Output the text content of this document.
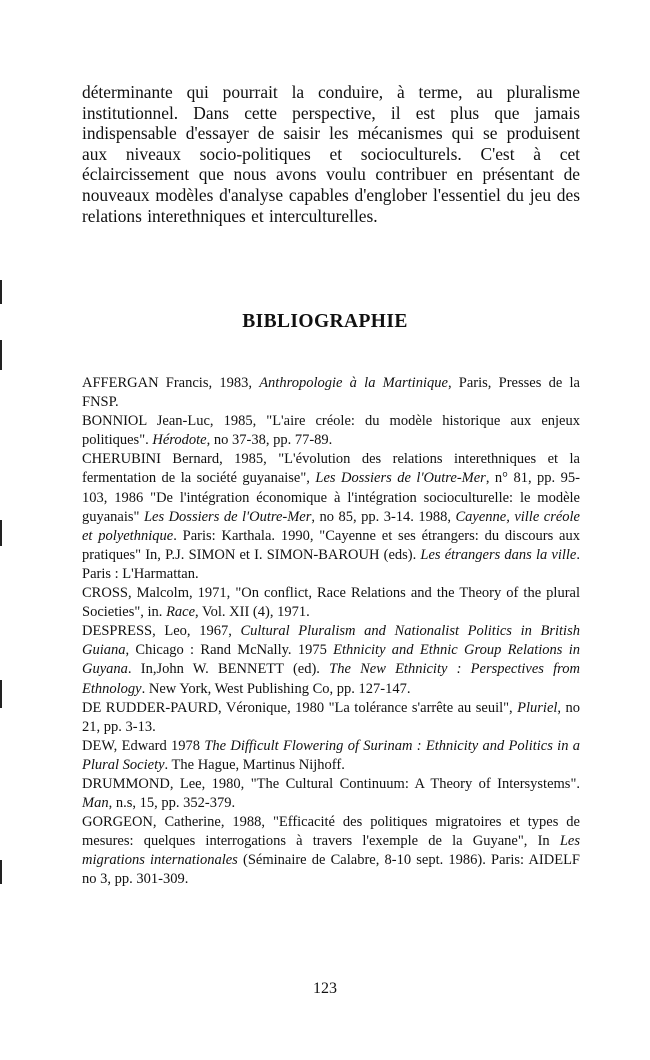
déterminante qui pourrait la conduire, à terme, au pluralisme institutionnel. Dans cette perspective, il est plus que jamais indispensable d'essayer de saisir les mécanismes qui se produisent aux niveaux socio-politiques et socioculturels. C'est à cet éclaircissement que nous avons voulu contribuer en présentant de nouveaux modèles d'analyse capables d'englober l'essentiel du jeu des relations interethniques et interculturelles.

BIBLIOGRAPHIE

AFFERGAN Francis, 1983, Anthropologie à la Martinique, Paris, Presses de la FNSP.

BONNIOL Jean-Luc, 1985, "L'aire créole: du modèle historique aux enjeux politiques". Hérodote, no 37-38, pp. 77-89.

CHERUBINI Bernard, 1985, "L'évolution des relations interethniques et la fermentation de la société guyanaise", Les Dossiers de l'Outre-Mer, n° 81, pp. 95-103, 1986 "De l'intégration économique à l'intégration socioculturelle: le modèle guyanais" Les Dossiers de l'Outre-Mer, no 85, pp. 3-14. 1988, Cayenne, ville créole et polyethnique. Paris: Karthala. 1990, "Cayenne et ses étrangers: du discours aux pratiques" In, P.J. SIMON et I. SIMON-BAROUH (eds). Les étrangers dans la ville. Paris : L'Harmattan.

CROSS, Malcolm, 1971, "On conflict, Race Relations and the Theory of the plural Societies", in. Race, Vol. XII (4), 1971.

DESPRESS, Leo, 1967, Cultural Pluralism and Nationalist Politics in British Guiana, Chicago : Rand McNally. 1975 Ethnicity and Ethnic Group Relations in Guyana. In,John W. BENNETT (ed). The New Ethnicity : Perspectives from Ethnology. New York, West Publishing Co, pp. 127-147.

DE RUDDER-PAURD, Véronique, 1980 "La tolérance s'arrête au seuil", Pluriel, no 21, pp. 3-13.

DEW, Edward 1978 The Difficult Flowering of Surinam : Ethnicity and Politics in a Plural Society. The Hague, Martinus Nijhoff.

DRUMMOND, Lee, 1980, "The Cultural Continuum: A Theory of Intersystems". Man, n.s, 15, pp. 352-379.

GORGEON, Catherine, 1988, "Efficacité des politiques migratoires et types de mesures: quelques interrogations à travers l'exemple de la Guyane", In Les migrations internationales (Séminaire de Calabre, 8-10 sept. 1986). Paris: AIDELF no 3, pp. 301-309.

123
